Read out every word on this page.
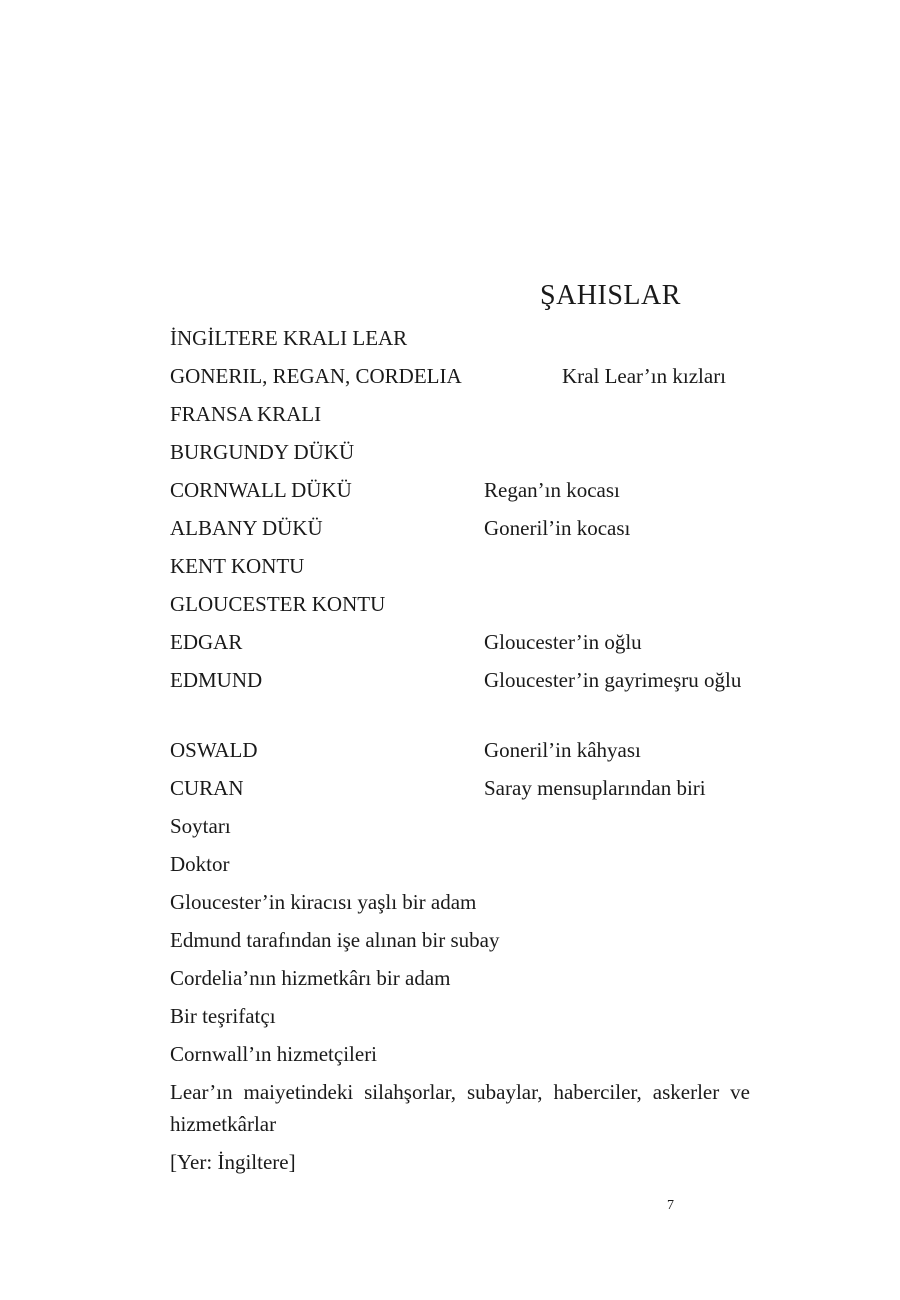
ŞAHISLAR
İNGİLTERE KRALI LEAR
GONERIL, REGAN, CORDELIA	Kral Lear’ın kızları
FRANSA KRALI
BURGUNDY DÜKÜ
CORNWALL DÜKÜ	Regan’ın kocası
ALBANY DÜKÜ	Goneril’in kocası
KENT KONTU
GLOUCESTER KONTU
EDGAR	Gloucester’in oğlu
EDMUND	Gloucester’in gayrimeşru oğlu
OSWALD	Goneril’in kâhyası
CURAN	Saray mensuplarından biri
Soytarı
Doktor
Gloucester’in kiracısı yaşlı bir adam
Edmund tarafından işe alınan bir subay
Cordelia’nın hizmetkârı bir adam
Bir teşrifatçı
Cornwall’ın hizmetçileri
Lear’ın maiyetindeki silahşorlar, subaylar, haberciler, askerler ve hizmetkârlar
[Yer: İngiltere]
7
